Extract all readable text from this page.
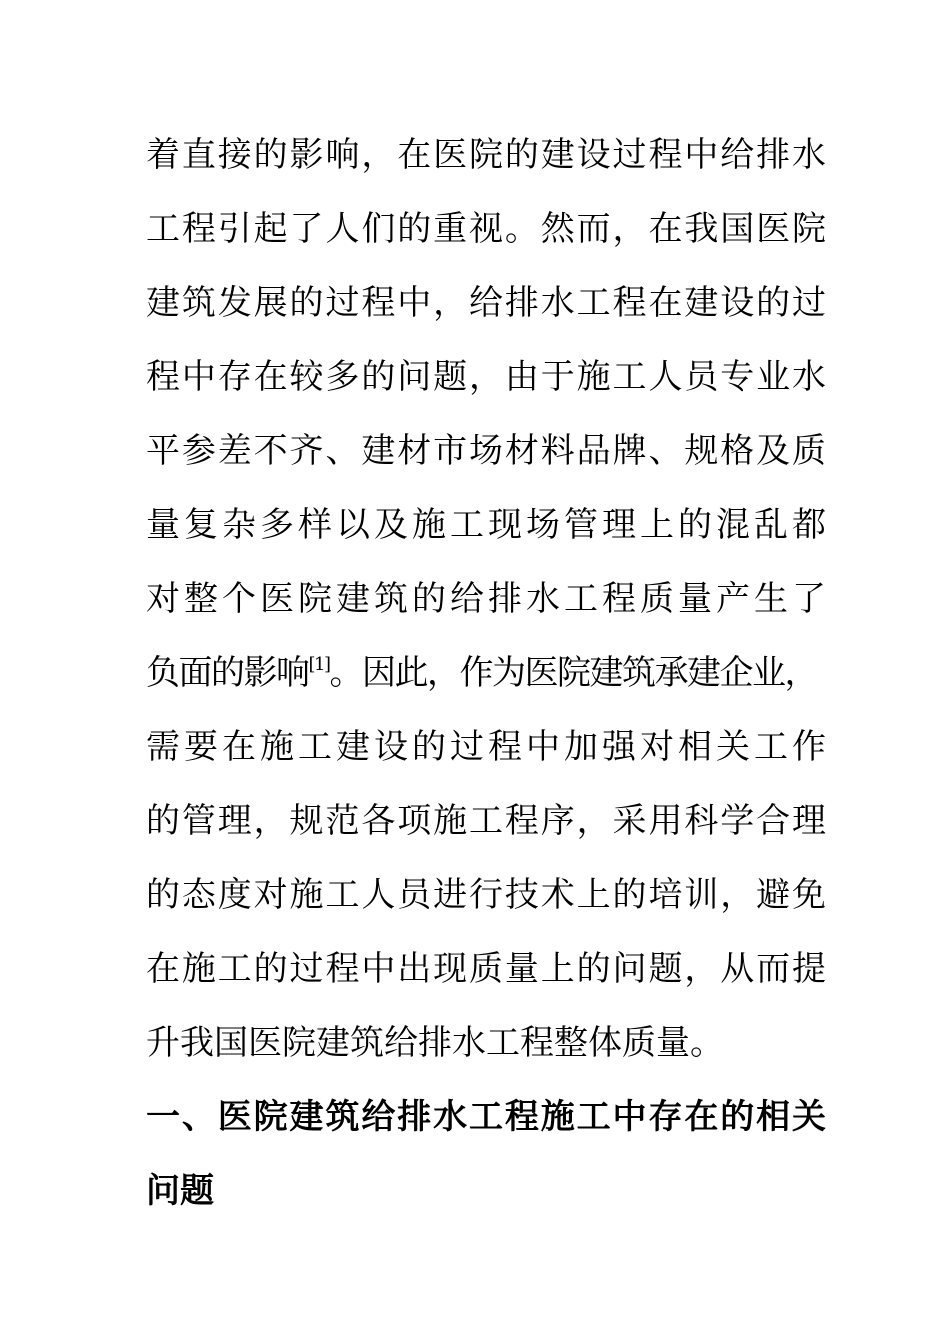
着直接的影响，在医院的建设过程中给排水
工程引起了人们的重视。然而，在我国医院
建筑发展的过程中，给排水工程在建设的过
程中存在较多的问题，由于施工人员专业水
平参差不齐、建材市场材料品牌、规格及质
量复杂多样以及施工现场管理上的混乱都
对整个医院建筑的给排水工程质量产生了
负面的影响[1]。因此，作为医院建筑承建企业，
需要在施工建设的过程中加强对相关工作
的管理，规范各项施工程序，采用科学合理
的态度对施工人员进行技术上的培训，避免
在施工的过程中出现质量上的问题，从而提
升我国医院建筑给排水工程整体质量。
一、医院建筑给排水工程施工中存在的相关
问题
